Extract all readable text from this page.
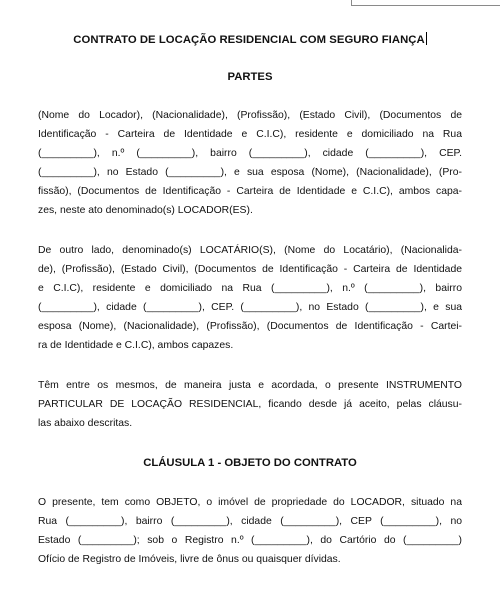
CONTRATO DE LOCAÇÃO RESIDENCIAL COM SEGURO FIANÇA
PARTES
(Nome do Locador), (Nacionalidade), (Profissão), (Estado Civil), (Documentos de
Identificação - Carteira de Identidade e C.I.C), residente e domiciliado na Rua
(_________), n.º (_________), bairro (_________), cidade (_________), CEP.
(_________), no Estado (_________), e sua esposa (Nome), (Nacionalidade), (Pro-
fissão), (Documentos de Identificação - Carteira de Identidade e C.I.C), ambos capa-
zes, neste ato denominado(s) LOCADOR(ES).
De outro lado, denominado(s) LOCATÁRIO(S), (Nome do Locatário), (Nacionalida-
de), (Profissão), (Estado Civil), (Documentos de Identificação - Carteira de Identidade
e C.I.C), residente e domiciliado na Rua (_________), n.º (_________), bairro
(_________), cidade (_________), CEP. (_________), no Estado (_________), e sua
esposa (Nome), (Nacionalidade), (Profissão), (Documentos de Identificação - Cartei-
ra de Identidade e C.I.C), ambos capazes.
Têm entre os mesmos, de maneira justa e acordada, o presente INSTRUMENTO
PARTICULAR DE LOCAÇÃO RESIDENCIAL, ficando desde já aceito, pelas cláusu-
las abaixo descritas.
CLÁUSULA 1 - OBJETO DO CONTRATO
O presente, tem como OBJETO, o imóvel de propriedade do LOCADOR, situado na
Rua (_________), bairro (_________), cidade (_________), CEP (_________), no
Estado (_________); sob o Registro n.º (_________), do Cartório do (_________)
Ofício de Registro de Imóveis, livre de ônus ou quaisquer dívidas.
